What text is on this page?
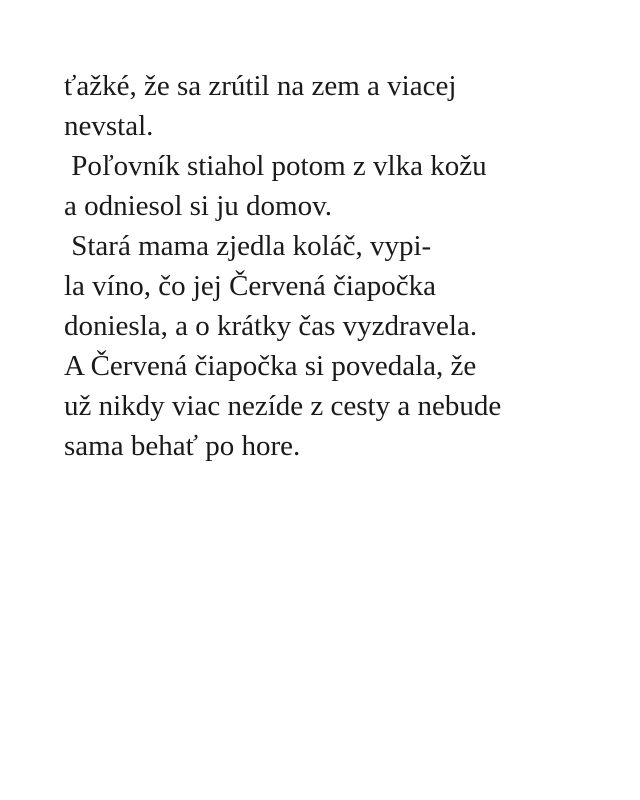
ťažké, že sa zrútil na zem a viacej
nevstal.
Poľovník stiahol potom z vlka kožu
a odniesol si ju domov.
Stará mama zjedla koláč, vypi-
la víno, čo jej Červená čiapočka
doniesla, a o krátky čas vyzdravela.
A Červená čiapočka si povedala, že
už nikdy viac nezíde z cesty a nebude
sama behať po hore.
